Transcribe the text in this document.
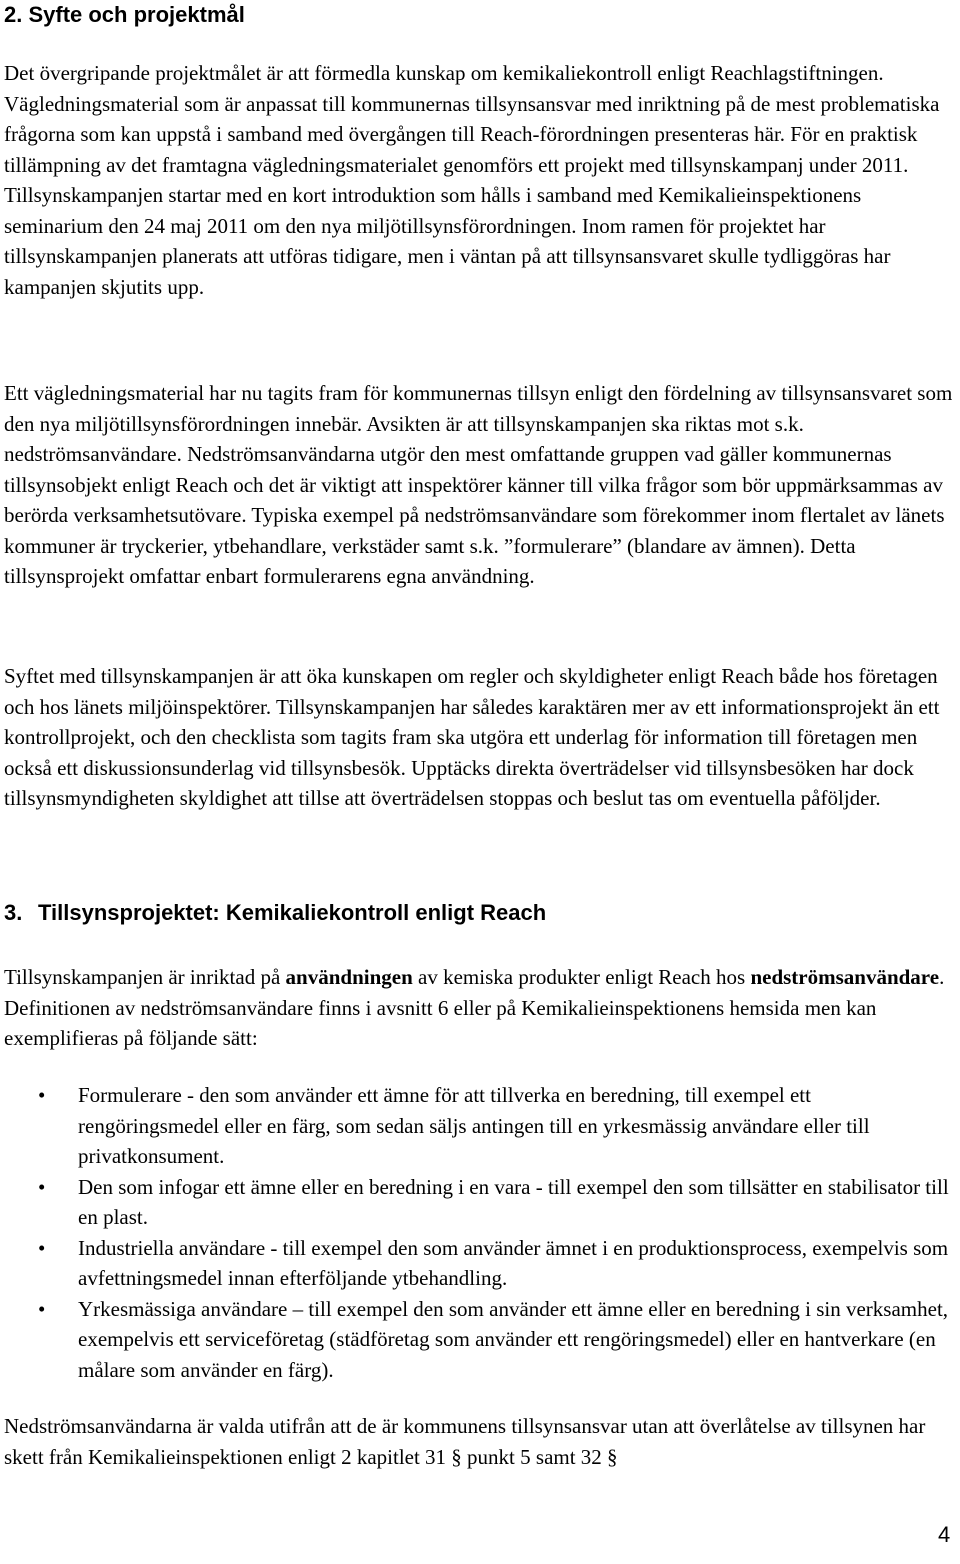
2. Syfte och projektmål

Det övergripande projektmålet är att förmedla kunskap om kemikaliekontroll enligt Reachlagstiftningen. Vägledningsmaterial som är anpassat till kommunernas tillsynsansvar med inriktning på de mest problematiska frågorna som kan uppstå i samband med övergången till Reach-förordningen presenteras här. För en praktisk tillämpning av det framtagna vägledningsmaterialet genomförs ett projekt med tillsynskampanj under 2011. Tillsynskampanjen startar med en kort introduktion som hålls i samband med Kemikalieinspektionens seminarium den 24 maj 2011 om den nya miljötillsynsförordningen. Inom ramen för projektet har tillsynskampanjen planerats att utföras tidigare, men i väntan på att tillsynsansvaret skulle tydliggöras har kampanjen skjutits upp.

Ett vägledningsmaterial har nu tagits fram för kommunernas tillsyn enligt den fördelning av tillsynsansvaret som den nya miljötillsynsförordningen innebär. Avsikten är att tillsynskampanjen ska riktas mot s.k. nedströmsanvändare. Nedströmsanvändarna utgör den mest omfattande gruppen vad gäller kommunernas tillsynsobjekt enligt Reach och det är viktigt att inspektörer känner till vilka frågor som bör uppmärksammas av berörda verksamhetsutövare. Typiska exempel på nedströmsanvändare som förekommer inom flertalet av länets kommuner är tryckerier, ytbehandlare, verkstäder samt s.k. ”formulerare” (blandare av ämnen). Detta tillsynsprojekt omfattar enbart formulerarens egna användning.

Syftet med tillsynskampanjen är att öka kunskapen om regler och skyldigheter enligt Reach både hos företagen och hos länets miljöinspektörer. Tillsynskampanjen har således karaktären mer av ett informationsprojekt än ett kontrollprojekt, och den checklista som tagits fram ska utgöra ett underlag för information till företagen men också ett diskussionsunderlag vid tillsynsbesök. Upptäcks direkta överträdelser vid tillsynsbesöken har dock tillsynsmyndigheten skyldighet att tillse att överträdelsen stoppas och beslut tas om eventuella påföljder.

3. Tillsynsprojektet: Kemikaliekontroll enligt Reach

Tillsynskampanjen är inriktad på användningen av kemiska produkter enligt Reach hos nedströmsanvändare. Definitionen av nedströmsanvändare finns i avsnitt 6 eller på Kemikalieinspektionens hemsida men kan exemplifieras på följande sätt:

• Formulerare - den som använder ett ämne för att tillverka en beredning, till exempel ett rengöringsmedel eller en färg, som sedan säljs antingen till en yrkesmässig användare eller till privatkonsument.
• Den som infogar ett ämne eller en beredning i en vara - till exempel den som tillsätter en stabilisator till en plast.
• Industriella användare - till exempel den som använder ämnet i en produktionsprocess, exempelvis som avfettningsmedel innan efterföljande ytbehandling.
• Yrkesmässiga användare – till exempel den som använder ett ämne eller en beredning i sin verksamhet, exempelvis ett serviceföretag (städföretag som använder ett rengöringsmedel) eller en hantverkare (en målare som använder en färg).

Nedströmsanvändarna är valda utifrån att de är kommunens tillsynsansvar utan att överlåtelse av tillsynen har skett från Kemikalieinspektionen enligt 2 kapitlet 31 § punkt 5 samt 32 §

4
